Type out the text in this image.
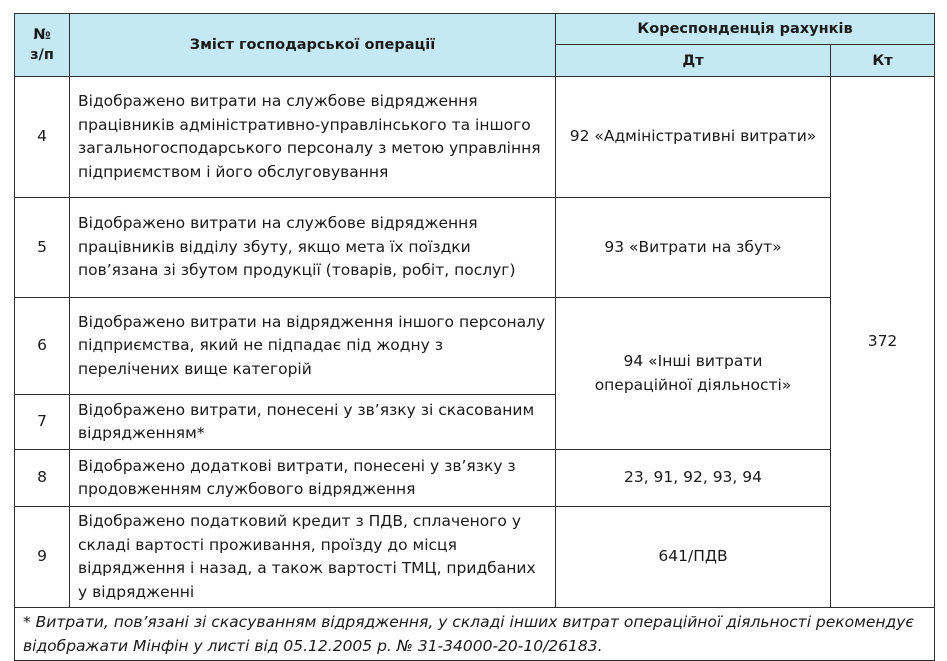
№ з/п	Зміст господарської операції	Кореспонденція рахунків	
		Дт	Кт
4	Відображено витрати на службове відрядження працівників адміністративно-управлінського та іншого загальногосподарського персоналу з метою управління підприємством і його обслуговування	92 «Адміністративні витрати»	372
5	Відображено витрати на службове відрядження працівників відділу збуту, якщо мета їх поїздки пов’язана зі збутом продукції (товарів, робіт, послуг)	93 «Витрати на збут»	
6	Відображено витрати на відрядження іншого персоналу підприємства, який не підпадає під жодну з перелічених вище категорій	94 «Інші витрати операційної діяльності»	
7	Відображено витрати, понесені у зв’язку зі скасованим відрядженням*		
8	Відображено додаткові витрати, понесені у зв’язку з продовженням службового відрядження	23, 91, 92, 93, 94	
9	Відображено податковий кредит з ПДВ, сплаченого у складі вартості проживання, проїзду до місця відрядження і назад, а також вартості ТМЦ, придбаних у відрядженні	641/ПДВ	
* Витрати, пов’язані зі скасуванням відрядження, у складі інших витрат операційної діяльності рекомендує відображати Мінфін у листі від 05.12.2005 р. № 31-34000-20-10/26183.			
